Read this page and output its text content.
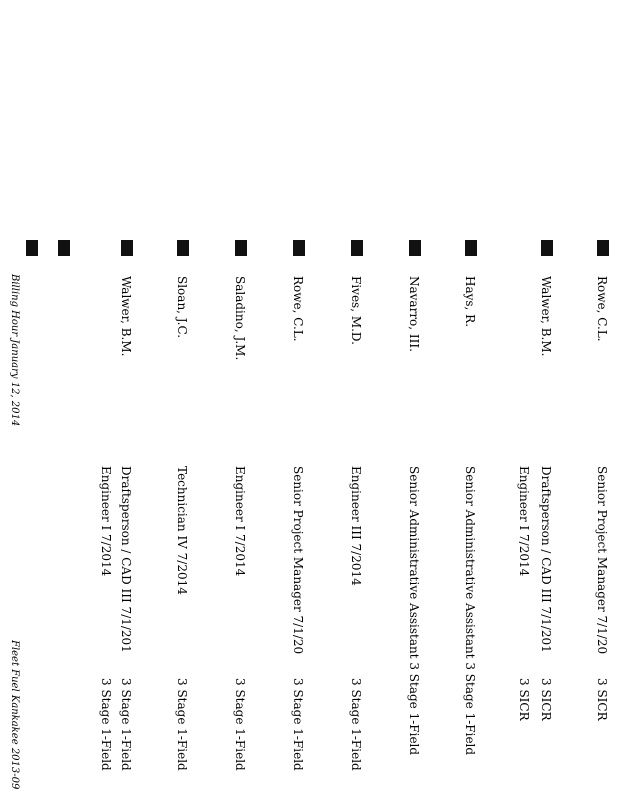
Rowe, C.L.
Senior Project Manager 7/1/20
3 SICR
Walwer, B.M.
Draftsperson / CAD III 7/1/201
3 SICR
Engineer I 7/2014
3 SICR
Hays, R.
Senior Administrative Assistant 3 Stage 1-Field
Navarro, III.
Senior Administrative Assistant 3 Stage 1-Field
Fives, M.D.
Engineer III 7/2014
3 Stage 1-Field
Rowe, C.L.
Senior Project Manager 7/1/20
3 Stage 1-Field
Saladino, J.M.
Engineer I 7/2014
3 Stage 1-Field
Sloan, J.C.
Technician IV 7/2014
3 Stage 1-Field
Walwer, B.M.
Draftsperson / CAD III 7/1/201
3 Stage 1-Field
Engineer I 7/2014
3 Stage 1-Field
Billing Hour January 12, 2014
Fleet Fuel Kankakee 2013-09
